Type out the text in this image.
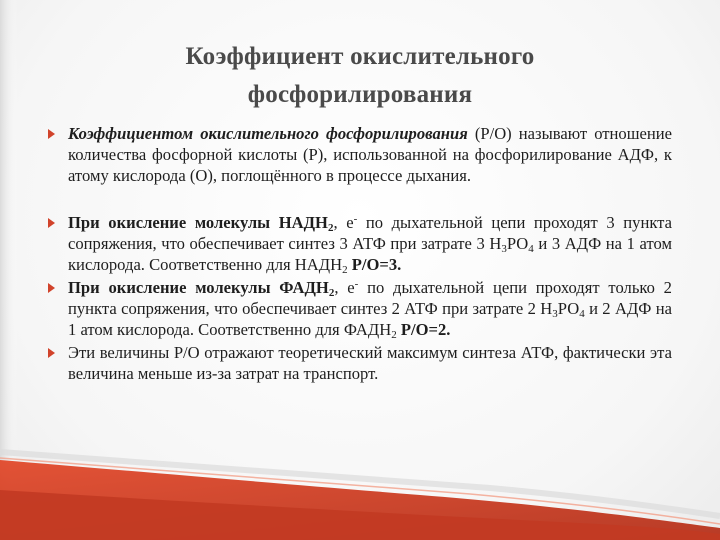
Коэффициент окислительного
фосфорилирования
Коэффициентом окислительного фосфорилирования (Р/О) называют отношение количества фосфорной кислоты (Р), использованной на фосфорилирование АДФ, к атому кислорода (О), поглощённого в процессе дыхания.
При окисление молекулы $НАДН_2$, е- по дыхательной цепи проходят 3 пункта сопряжения, что обеспечивает синтез 3 АТФ при затрате 3 $Н_3РО_4$ и 3 АДФ на 1 атом кислорода. Соответственно для $НАДН_2$ Р/О=3.
При окисление молекулы $ФАДН_2$, е- по дыхательной цепи проходят только 2 пункта сопряжения, что обеспечивает синтез 2 АТФ при затрате 2 $Н_3РО_4$ и 2 АДФ на 1 атом кислорода. Соответственно для $ФАДН_2$ Р/О=2.
Эти величины Р/О отражают теоретический максимум синтеза АТФ, фактически эта величина меньше из-за затрат на транспорт.
